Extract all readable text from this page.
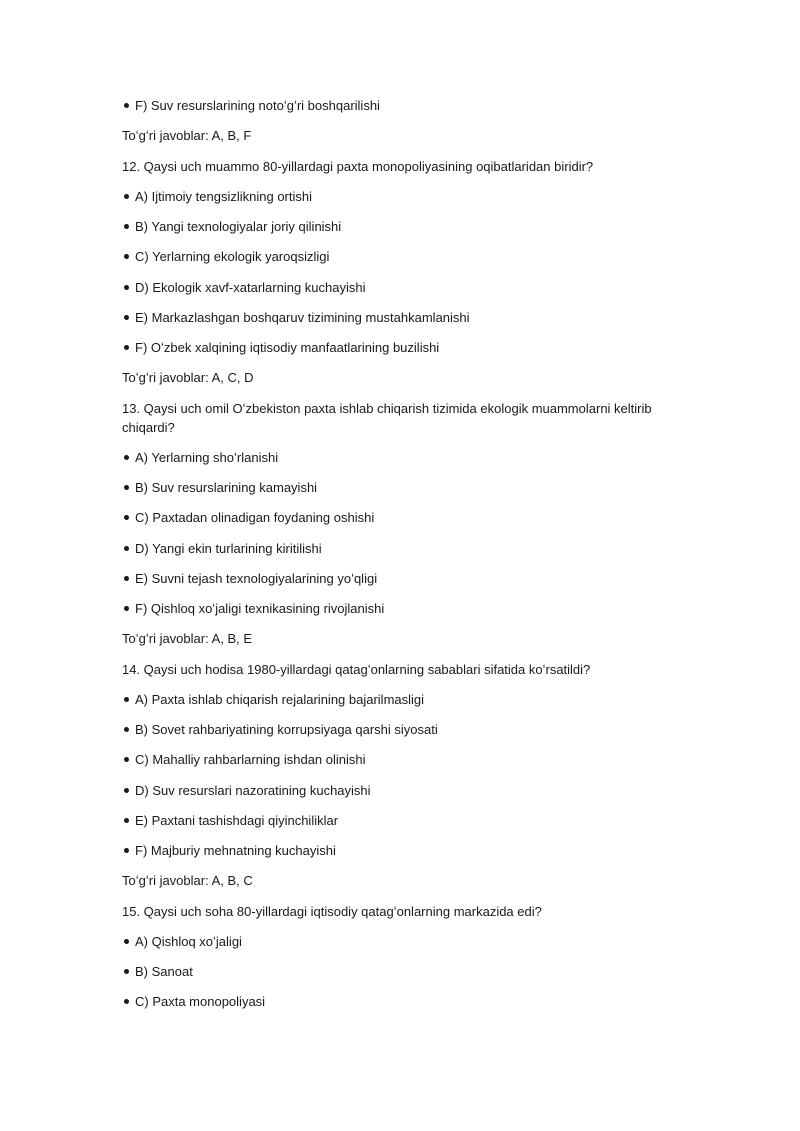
F) Suv resurslarining notoʻgʻri boshqarilishi
Toʻgʻri javoblar: A, B, F
12. Qaysi uch muammo 80-yillardagi paxta monopoliyasining oqibatlaridan biridir?
A) Ijtimoiy tengsizlikning ortishi
B) Yangi texnologiyalar joriy qilinishi
C) Yerlarning ekologik yaroqsizligi
D) Ekologik xavf-xatarlarning kuchayishi
E) Markazlashgan boshqaruv tizimining mustahkamlanishi
F) Oʻzbek xalqining iqtisodiy manfaatlarining buzilishi
Toʻgʻri javoblar: A, C, D
13. Qaysi uch omil Oʻzbekiston paxta ishlab chiqarish tizimida ekologik muammolarni keltirib chiqardi?
A) Yerlarning shoʻrlanishi
B) Suv resurslarining kamayishi
C) Paxtadan olinadigan foydaning oshishi
D) Yangi ekin turlarining kiritilishi
E) Suvni tejash texnologiyalarining yoʻqligi
F) Qishloq xoʻjaligi texnikasining rivojlanishi
Toʻgʻri javoblar: A, B, E
14. Qaysi uch hodisa 1980-yillardagi qatagʻonlarning sabablari sifatida koʻrsatildi?
A) Paxta ishlab chiqarish rejalarining bajarilmasligi
B) Sovet rahbariyatining korrupsiyaga qarshi siyosati
C) Mahalliy rahbarlarning ishdan olinishi
D) Suv resurslari nazoratining kuchayishi
E) Paxtani tashishdagi qiyinchiliklar
F) Majburiy mehnatning kuchayishi
Toʻgʻri javoblar: A, B, C
15. Qaysi uch soha 80-yillardagi iqtisodiy qatagʻonlarning markazida edi?
A) Qishloq xoʻjaligi
B) Sanoat
C) Paxta monopoliyasi
